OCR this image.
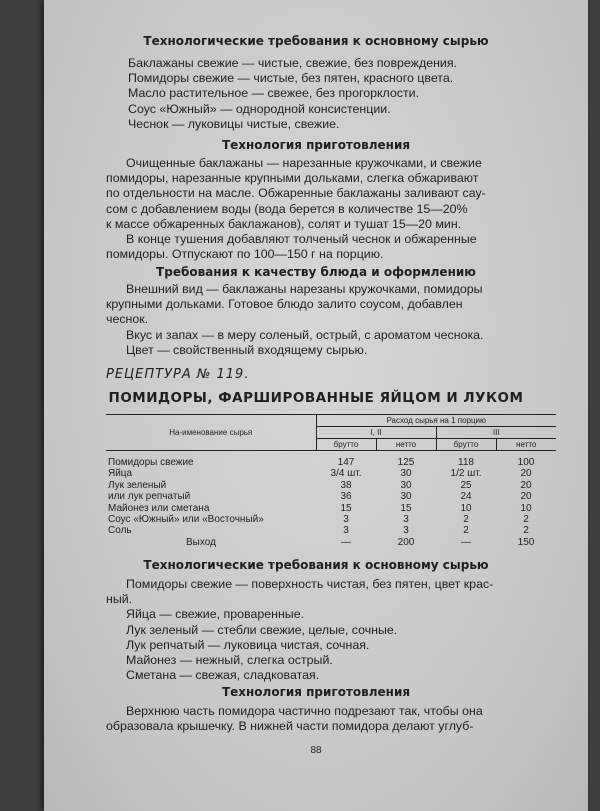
Технологические требования к основному сырью
Баклажаны свежие — чистые, свежие, без повреждения.
Помидоры свежие — чистые, без пятен, красного цвета.
Масло растительное — свежее, без прогорклости.
Соус «Южный» — однородной консистенции.
Чеснок — луковицы чистые, свежие.
Технология приготовления
Очищенные баклажаны — нарезанные кружочками, и свежие
помидоры, нарезанные крупными дольками, слегка обжаривают
по отдельности на масле. Обжаренные баклажаны заливают сау-
сом с добавлением воды (вода берется в количестве 15—20%
к массе обжаренных баклажанов), солят и тушат 15—20 мин.
В конце тушения добавляют толченый чеснок и обжаренные
помидоры. Отпускают по 100—150 г на порцию.
Требования к качеству блюда и оформлению
Внешний вид — баклажаны нарезаны кружочками, помидоры
крупными дольками. Готовое блюдо залито соусом, добавлен
чеснок.
Вкус и запах — в меру соленый, острый, с ароматом чеснока.
Цвет — свойственный входящему сырью.
РЕЦЕПТУРА № 119.
ПОМИДОРЫ, ФАРШИРОВАННЫЕ ЯЙЦОМ И ЛУКОМ
На-именование сырья	Расход сырья на 1 порцию			
	I, II		III	
	брутто	нетто	брутто	нетто

Помидоры свежие	147	125	118	100
Яйца	3/4 шт.	30	1/2 шт.	20
Лук зеленый	38	30	25	20
или лук репчатый	36	30	24	20
Майонез или сметана	15	15	10	10
Соус «Южный» или «Восточный»	3	3	2	2
Соль	3	3	2	2
Выход	—	200	—	150
Технологические требования к основному сырью
Помидоры свежие — поверхность чистая, без пятен, цвет крас-
ный.
Яйца — свежие, проваренные.
Лук зеленый — стебли свежие, целые, сочные.
Лук репчатый — луковица чистая, сочная.
Майонез — нежный, слегка острый.
Сметана — свежая, сладковатая.
Технология приготовления
Верхнюю часть помидора частично подрезают так, чтобы она
образовала крышечку. В нижней части помидора делают углуб-
88
